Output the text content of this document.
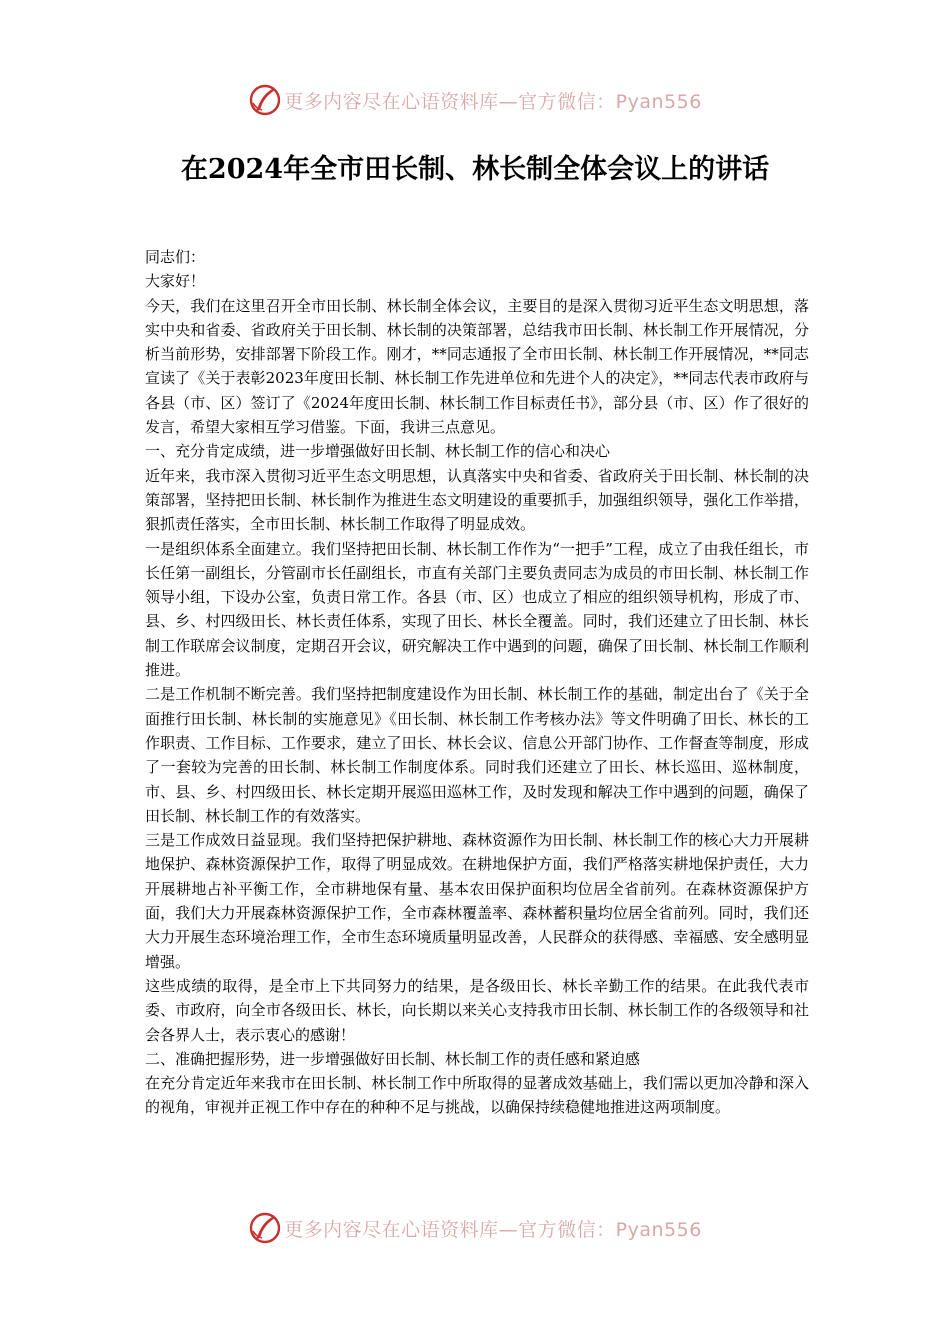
更多内容尽在心语资料库—官方微信：Pyan556
在2024年全市田长制、林长制全体会议上的讲话

同志们：

大家好！

今天，我们在这里召开全市田长制、林长制全体会议，主要目的是深入贯彻习近平生态文明思想，落实中央和省委、省政府关于田长制、林长制的决策部署，总结我市田长制、林长制工作开展情况，分析当前形势，安排部署下阶段工作。刚才，**同志通报了全市田长制、林长制工作开展情况，**同志宣读了《关于表彰2023年度田长制、林长制工作先进单位和先进个人的决定》，**同志代表市政府与各县（市、区）签订了《2024年度田长制、林长制工作目标责任书》，部分县（市、区）作了很好的发言，希望大家相互学习借鉴。下面，我讲三点意见。

一、充分肯定成绩，进一步增强做好田长制、林长制工作的信心和决心

近年来，我市深入贯彻习近平生态文明思想，认真落实中央和省委、省政府关于田长制、林长制的决策部署，坚持把田长制、林长制作为推进生态文明建设的重要抓手，加强组织领导，强化工作举措，狠抓责任落实，全市田长制、林长制工作取得了明显成效。

一是组织体系全面建立。我们坚持把田长制、林长制工作作为“一把手”工程，成立了由我任组长，市长任第一副组长，分管副市长任副组长，市直有关部门主要负责同志为成员的市田长制、林长制工作领导小组，下设办公室，负责日常工作。各县（市、区）也成立了相应的组织领导机构，形成了市、县、乡、村四级田长、林长责任体系，实现了田长、林长全覆盖。同时，我们还建立了田长制、林长制工作联席会议制度，定期召开会议，研究解决工作中遇到的问题，确保了田长制、林长制工作顺利推进。

二是工作机制不断完善。我们坚持把制度建设作为田长制、林长制工作的基础，制定出台了《关于全面推行田长制、林长制的实施意见》《田长制、林长制工作考核办法》等文件明确了田长、林长的工作职责、工作目标、工作要求，建立了田长、林长会议、信息公开部门协作、工作督查等制度，形成了一套较为完善的田长制、林长制工作制度体系。同时我们还建立了田长、林长巡田、巡林制度，市、县、乡、村四级田长、林长定期开展巡田巡林工作，及时发现和解决工作中遇到的问题，确保了田长制、林长制工作的有效落实。

三是工作成效日益显现。我们坚持把保护耕地、森林资源作为田长制、林长制工作的核心大力开展耕地保护、森林资源保护工作，取得了明显成效。在耕地保护方面，我们严格落实耕地保护责任，大力开展耕地占补平衡工作，全市耕地保有量、基本农田保护面积均位居全省前列。在森林资源保护方面，我们大力开展森林资源保护工作，全市森林覆盖率、森林蓄积量均位居全省前列。同时，我们还大力开展生态环境治理工作，全市生态环境质量明显改善，人民群众的获得感、幸福感、安全感明显增强。

这些成绩的取得，是全市上下共同努力的结果，是各级田长、林长辛勤工作的结果。在此我代表市委、市政府，向全市各级田长、林长，向长期以来关心支持我市田长制、林长制工作的各级领导和社会各界人士，表示衷心的感谢！

二、准确把握形势，进一步增强做好田长制、林长制工作的责任感和紧迫感

在充分肯定近年来我市在田长制、林长制工作中所取得的显著成效基础上，我们需以更加冷静和深入的视角，审视并正视工作中存在的种种不足与挑战，以确保持续稳健地推进这两项制度。

更多内容尽在心语资料库—官方微信：Pyan556
